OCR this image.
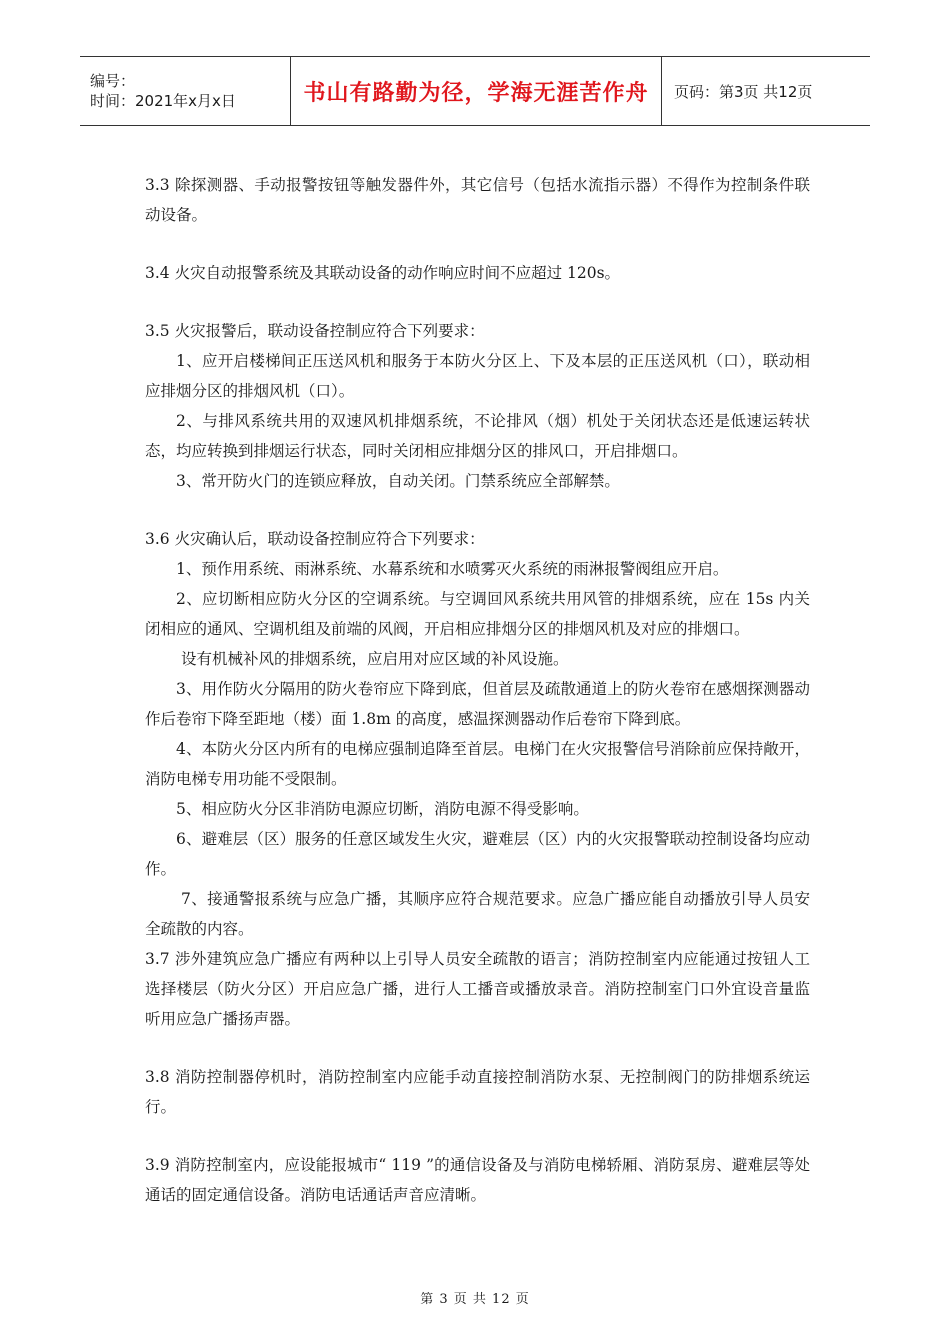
编号：
时间：2021年x月x日	书山有路勤为径，学海无涯苦作舟	页码：第3页 共12页

3.3 除探测器、手动报警按钮等触发器件外，其它信号（包括水流指示器）不得作为控制条件联动设备。

3.4 火灾自动报警系统及其联动设备的动作响应时间不应超过 120s。

3.5 火灾报警后，联动设备控制应符合下列要求：

1、应开启楼梯间正压送风机和服务于本防火分区上、下及本层的正压送风机（口），联动相应排烟分区的排烟风机（口）。

2、与排风系统共用的双速风机排烟系统，不论排风（烟）机处于关闭状态还是低速运转状态，均应转换到排烟运行状态，同时关闭相应排烟分区的排风口，开启排烟口。

3、常开防火门的连锁应释放，自动关闭。门禁系统应全部解禁。

3.6 火灾确认后，联动设备控制应符合下列要求：

1、预作用系统、雨淋系统、水幕系统和水喷雾灭火系统的雨淋报警阀组应开启。

2、应切断相应防火分区的空调系统。与空调回风系统共用风管的排烟系统，应在 15s 内关闭相应的通风、空调机组及前端的风阀，开启相应排烟分区的排烟风机及对应的排烟口。

设有机械补风的排烟系统，应启用对应区域的补风设施。

3、用作防火分隔用的防火卷帘应下降到底，但首层及疏散通道上的防火卷帘在感烟探测器动作后卷帘下降至距地（楼）面 1.8m 的高度，感温探测器动作后卷帘下降到底。

4、本防火分区内所有的电梯应强制追降至首层。电梯门在火灾报警信号消除前应保持敞开，消防电梯专用功能不受限制。

5、相应防火分区非消防电源应切断，消防电源不得受影响。

6、避难层（区）服务的任意区域发生火灾，避难层（区）内的火灾报警联动控制设备均应动作。

7、接通警报系统与应急广播，其顺序应符合规范要求。应急广播应能自动播放引导人员安全疏散的内容。

3.7 涉外建筑应急广播应有两种以上引导人员安全疏散的语言；消防控制室内应能通过按钮人工选择楼层（防火分区）开启应急广播，进行人工播音或播放录音。消防控制室门口外宜设音量监听用应急广播扬声器。

3.8 消防控制器停机时，消防控制室内应能手动直接控制消防水泵、无控制阀门的防排烟系统运行。

3.9 消防控制室内，应设能报城市“ 119 ”的通信设备及与消防电梯轿厢、消防泵房、避难层等处通话的固定通信设备。消防电话通话声音应清晰。

第 3 页 共 12 页
